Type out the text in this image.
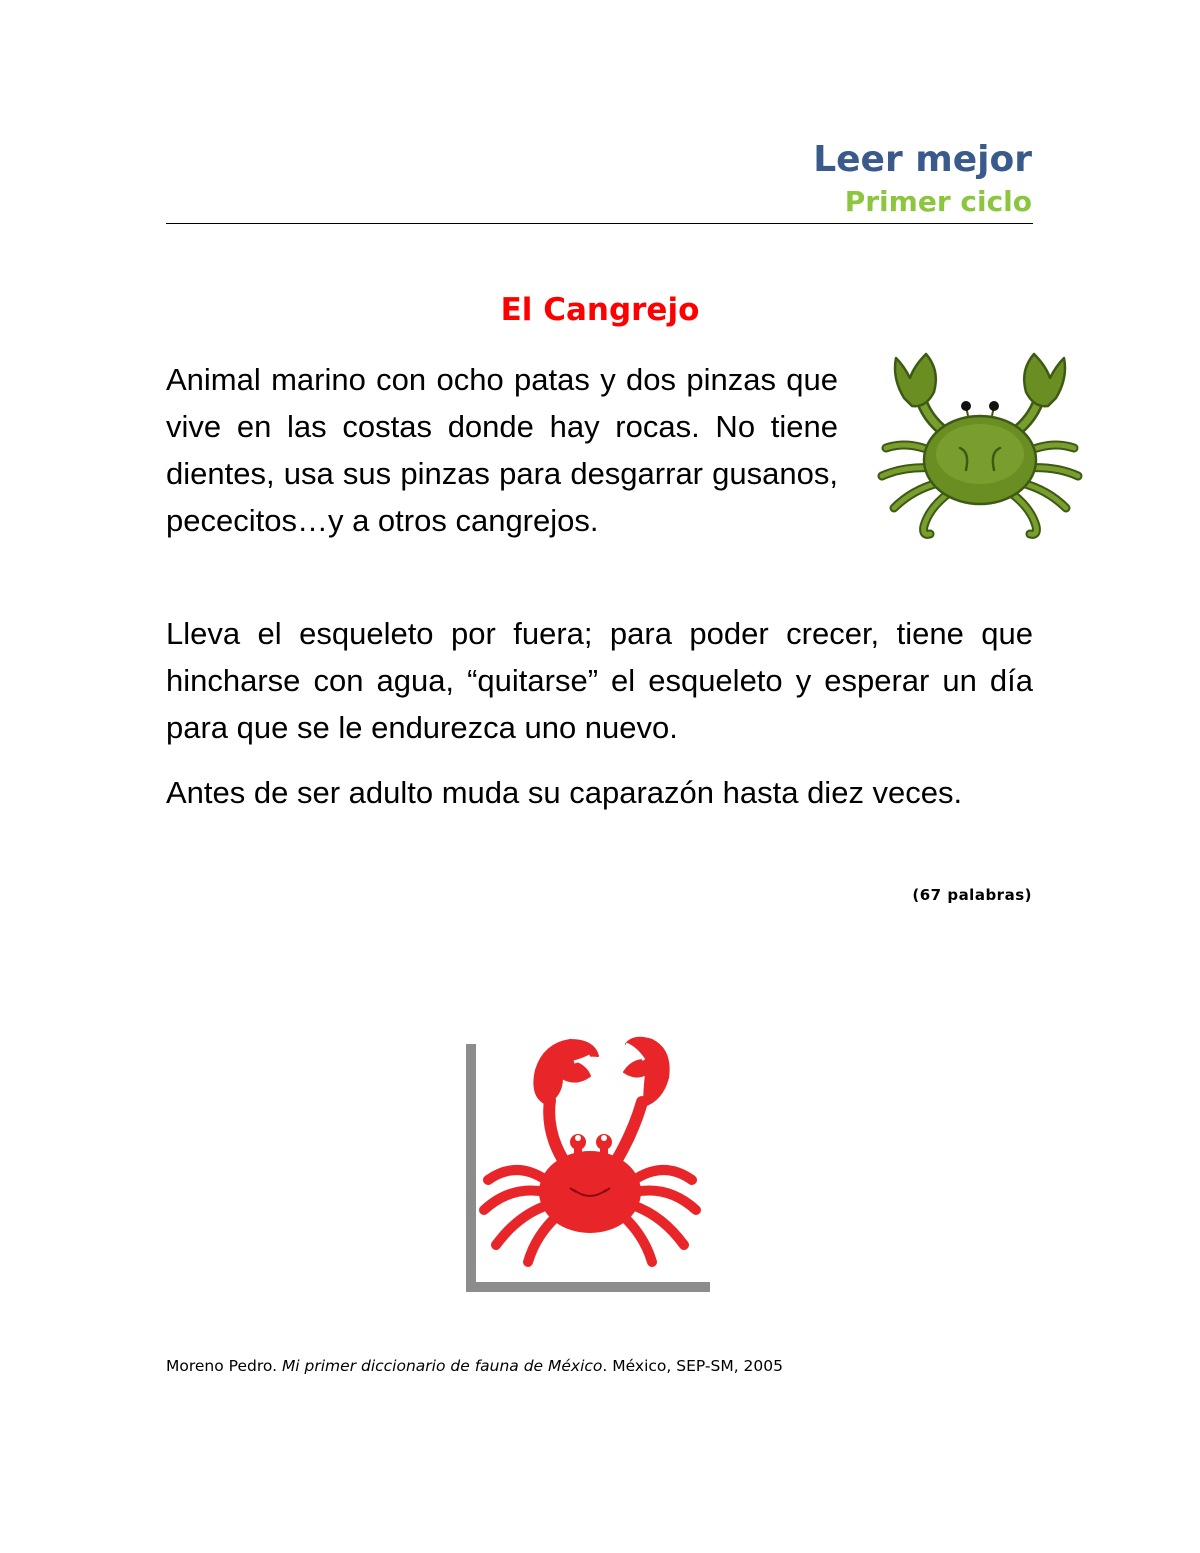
Leer mejor
Primer ciclo
El Cangrejo

Animal marino con ocho patas y dos pinzas que vive en las costas donde hay rocas. No tiene dientes, usa sus pinzas para desgarrar gusanos, pececitos…y a otros cangrejos.

Lleva el esqueleto por fuera; para poder crecer, tiene que hincharse con agua, “quitarse” el esqueleto y esperar un día para que se le endurezca uno nuevo.

Antes de ser adulto muda su caparazón hasta diez veces.

(67 palabras)
Moreno Pedro. Mi primer diccionario de fauna de México. México, SEP-SM, 2005
